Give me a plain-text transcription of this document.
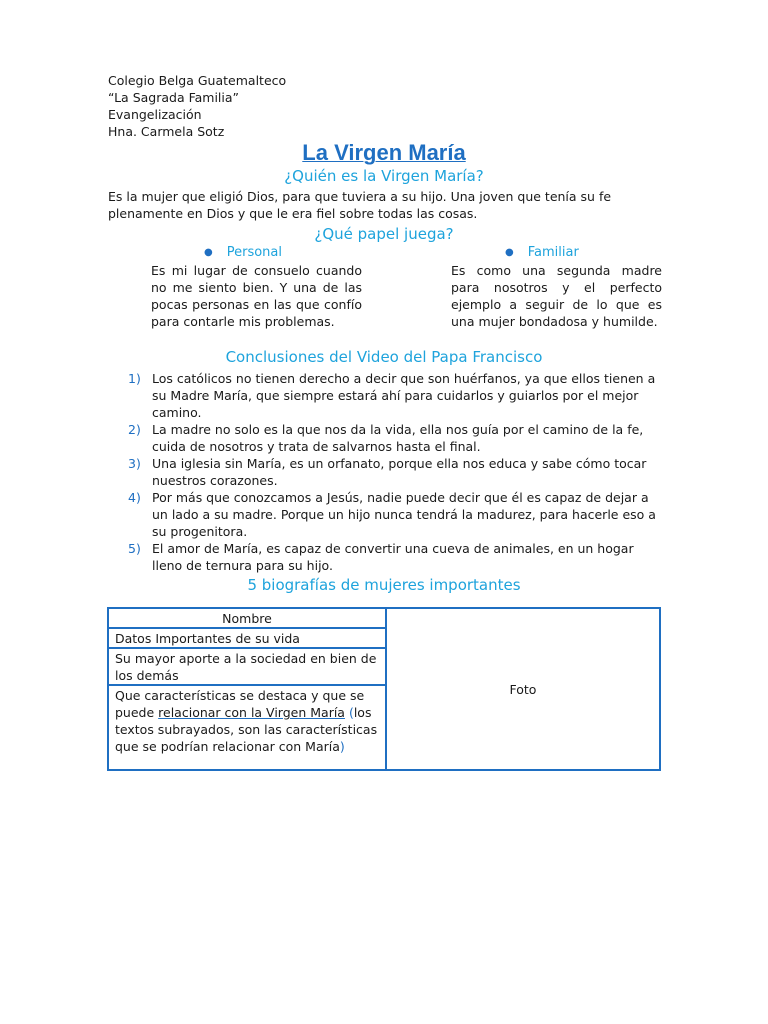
Colegio Belga Guatemalteco
“La Sagrada Familia”
Evangelización
Hna. Carmela Sotz
La Virgen María
¿Quién es la Virgen María?
Es la mujer que eligió Dios, para que tuviera a su hijo. Una joven que tenía su fe plenamente en Dios y que le era fiel sobre todas las cosas.
¿Qué papel juega?
● Personal
Es mi lugar de consuelo cuando no me siento bien. Y una de las pocas personas en las que confío para contarle mis problemas.
● Familiar
Es como una segunda madre para nosotros y el perfecto ejemplo a seguir de lo que es una mujer bondadosa y humilde.
Conclusiones del Video del Papa Francisco
1) Los católicos no tienen derecho a decir que son huérfanos, ya que ellos tienen a su Madre María, que siempre estará ahí para cuidarlos y guiarlos por el mejor camino.
2) La madre no solo es la que nos da la vida, ella nos guía por el camino de la fe, cuida de nosotros y trata de salvarnos hasta el final.
3) Una iglesia sin María, es un orfanato, porque ella nos educa y sabe cómo tocar nuestros corazones.
4) Por más que conozcamos a Jesús, nadie puede decir que él es capaz de dejar a un lado a su madre. Porque un hijo nunca tendrá la madurez, para hacerle eso a su progenitora.
5) El amor de María, es capaz de convertir una cueva de animales, en un hogar lleno de ternura para su hijo.
5 biografías de mujeres importantes
Nombre
Datos Importantes de su vida
Su mayor aporte a la sociedad en bien de los demás
Que características se destaca y que se puede relacionar con la Virgen María (los textos subrayados, son las características que se podrían relacionar con María)
Foto
